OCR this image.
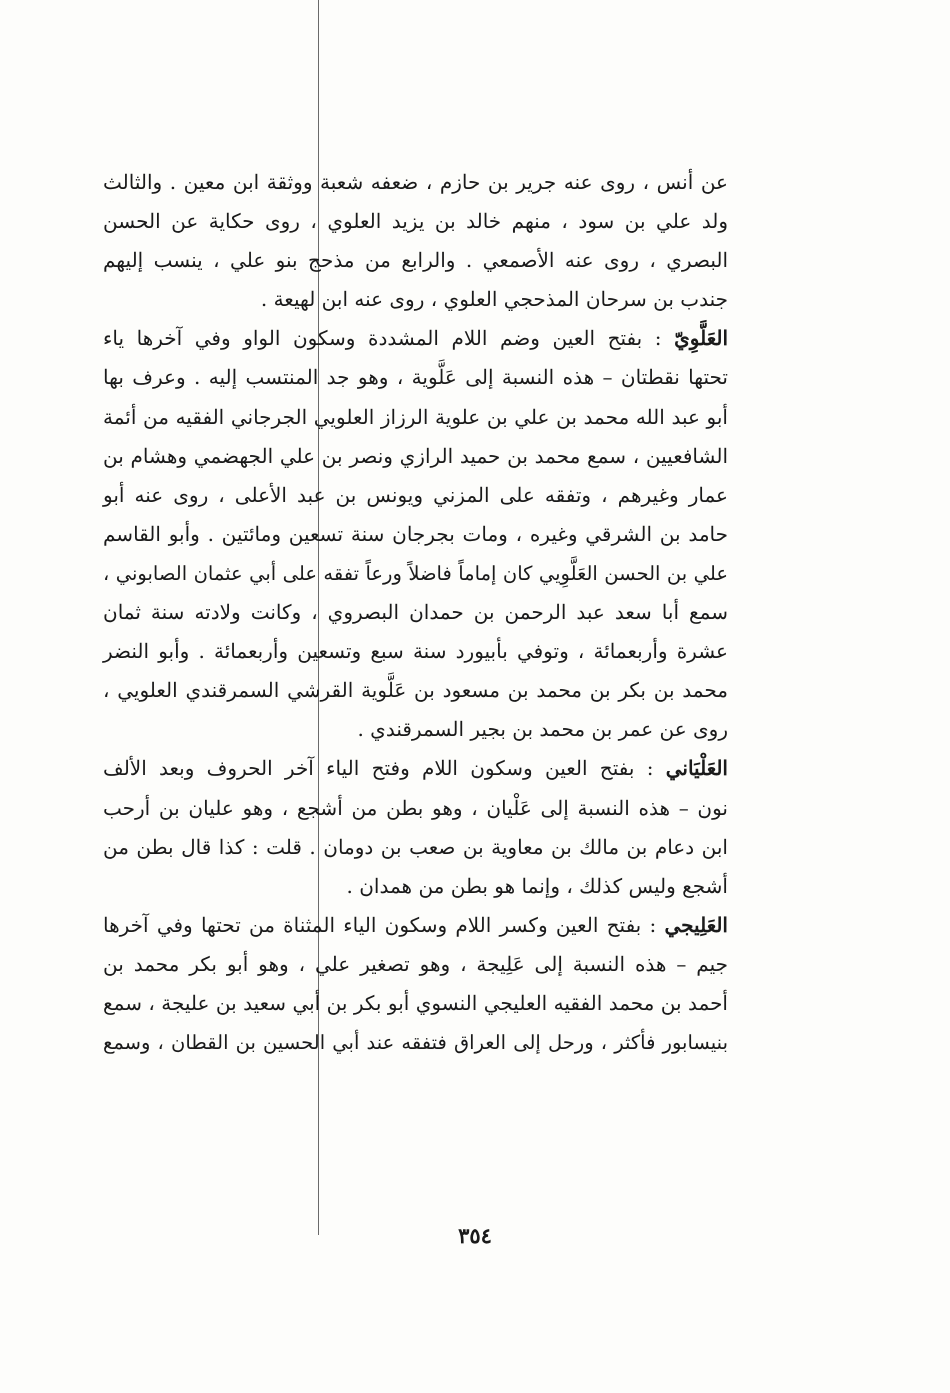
عن أنس ، روى عنه جرير بن حازم ، ضعفه شعبة ووثقة ابن معين . والثالث
ولد علي بن سود ، منهم خالد بن يزيد العلوي ، روى حكاية عن الحسن
البصري ، روى عنه الأصمعي . والرابع من مذحج بنو علي ، ينسب إليهم
جندب بن سرحان المذحجي العلوي ، روى عنه ابن لهيعة .
العَلَّوِيّ : بفتح العين وضم اللام المشددة وسكون الواو وفي آخرها ياء
تحتها نقطتان – هذه النسبة إلى عَلَّوية ، وهو جد المنتسب إليه . وعرف بها
أبو عبد الله محمد بن علي بن علوية الرزاز العلويي الجرجاني الفقيه من أئمة
الشافعيين ، سمع محمد بن حميد الرازي ونصر بن علي الجهضمي وهشام بن
عمار وغيرهم ، وتفقه على المزني ويونس بن عبد الأعلى ، روى عنه أبو
حامد بن الشرقي وغيره ، ومات بجرجان سنة تسعين ومائتين . وأبو القاسم
علي بن الحسن العَلَّوِيي كان إماماً فاضلاً ورعاً تفقه على أبي عثمان الصابوني ،
سمع أبا سعد عبد الرحمن بن حمدان البصروي ، وكانت ولادته سنة ثمان
عشرة وأربعمائة ، وتوفي بأبيورد سنة سبع وتسعين وأربعمائة . وأبو النضر
محمد بن بكر بن محمد بن مسعود بن عَلَّوية القرشي السمرقندي العلويي ،
روى عن عمر بن محمد بن بجير السمرقندي .
العَلْيَاني : بفتح العين وسكون اللام وفتح الياء آخر الحروف وبعد الألف
نون – هذه النسبة إلى عَلْيان ، وهو بطن من أشجع ، وهو عليان بن أرحب
ابن دعام بن مالك بن معاوية بن صعب بن دومان . قلت : كذا قال بطن من
أشجع وليس كذلك ، وإنما هو بطن من همدان .
العَلِيجي : بفتح العين وكسر اللام وسكون الياء المثناة من تحتها وفي آخرها
جيم – هذه النسبة إلى عَلِيجة ، وهو تصغير علي ، وهو أبو بكر محمد بن
أحمد بن محمد الفقيه العليجي النسوي أبو بكر بن أبي سعيد بن عليجة ، سمع
بنيسابور فأكثر ، ورحل إلى العراق فتفقه عند أبي الحسين بن القطان ، وسمع
٣٥٤
